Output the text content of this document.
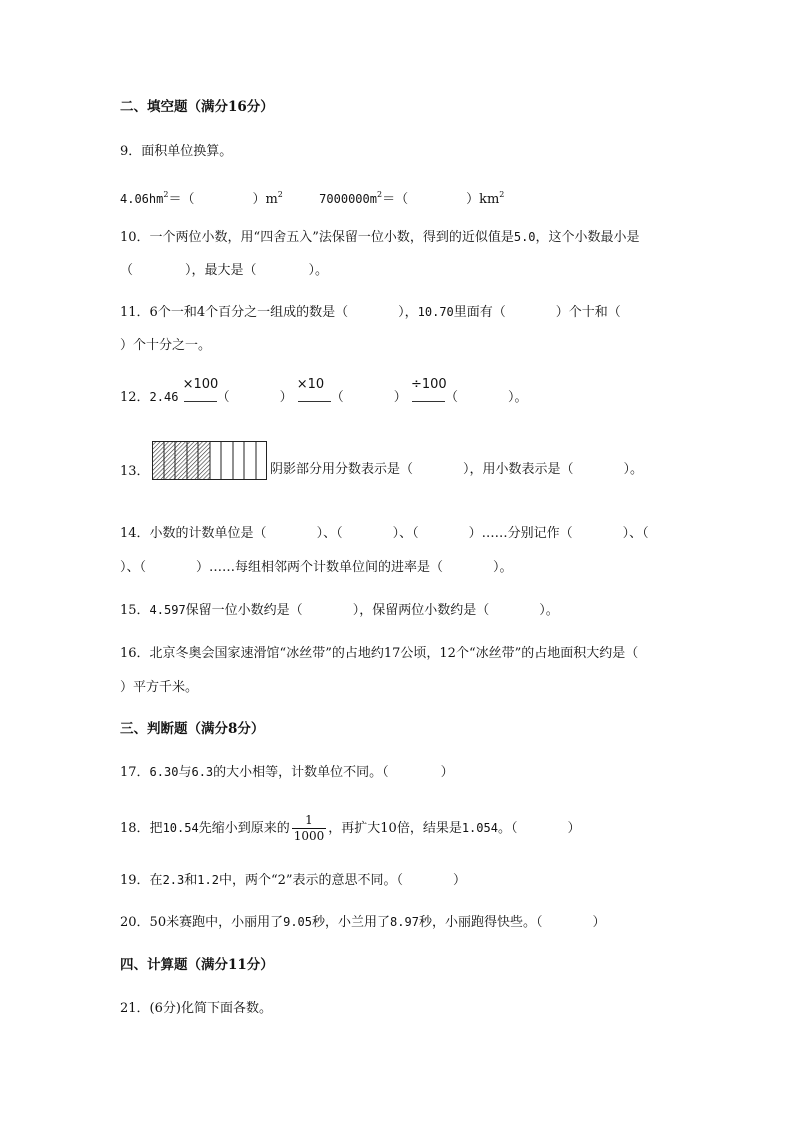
二、填空题（满分16分）
9．面积单位换算。
$4.06hm^2=$（	）$m^2$	$7000000m^2=$（	）$km^2$
10．一个两位小数，用“四舍五入”法保留一位小数，得到的近似值是5.0，这个小数最小是
（	），最大是（	）。
11．6个一和4个百分之一组成的数是（	），10.70里面有（	）个十和（
）个十分之一。
12．2.46
×100
（	）
×10
（	）
÷100
（	）。
13．	阴影部分用分数表示是（	），用小数表示是（	）。
14．小数的计数单位是（	）、（	）、（	）……分别记作（	）、（
）、（	）……每组相邻两个计数单位间的进率是（	）。
15．4.597保留一位小数约是（	），保留两位小数约是（	）。
16．北京冬奥会国家速滑馆“冰丝带”的占地约17公顷，12个“冰丝带”的占地面积大约是（
）平方千米。
三、判断题（满分8分）
17．6.30与6.3的大小相等，计数单位不同。（	）
18．把10.54先缩小到原来的 $\frac{1}{1000}$ ，再扩大10倍，结果是1.054。（	）
19．在2.3和1.2中，两个“2”表示的意思不同。（	）
20．50米赛跑中，小丽用了9.05秒，小兰用了8.97秒，小丽跑得快些。（	）
四、计算题（满分11分）
21．(6分)化简下面各数。
